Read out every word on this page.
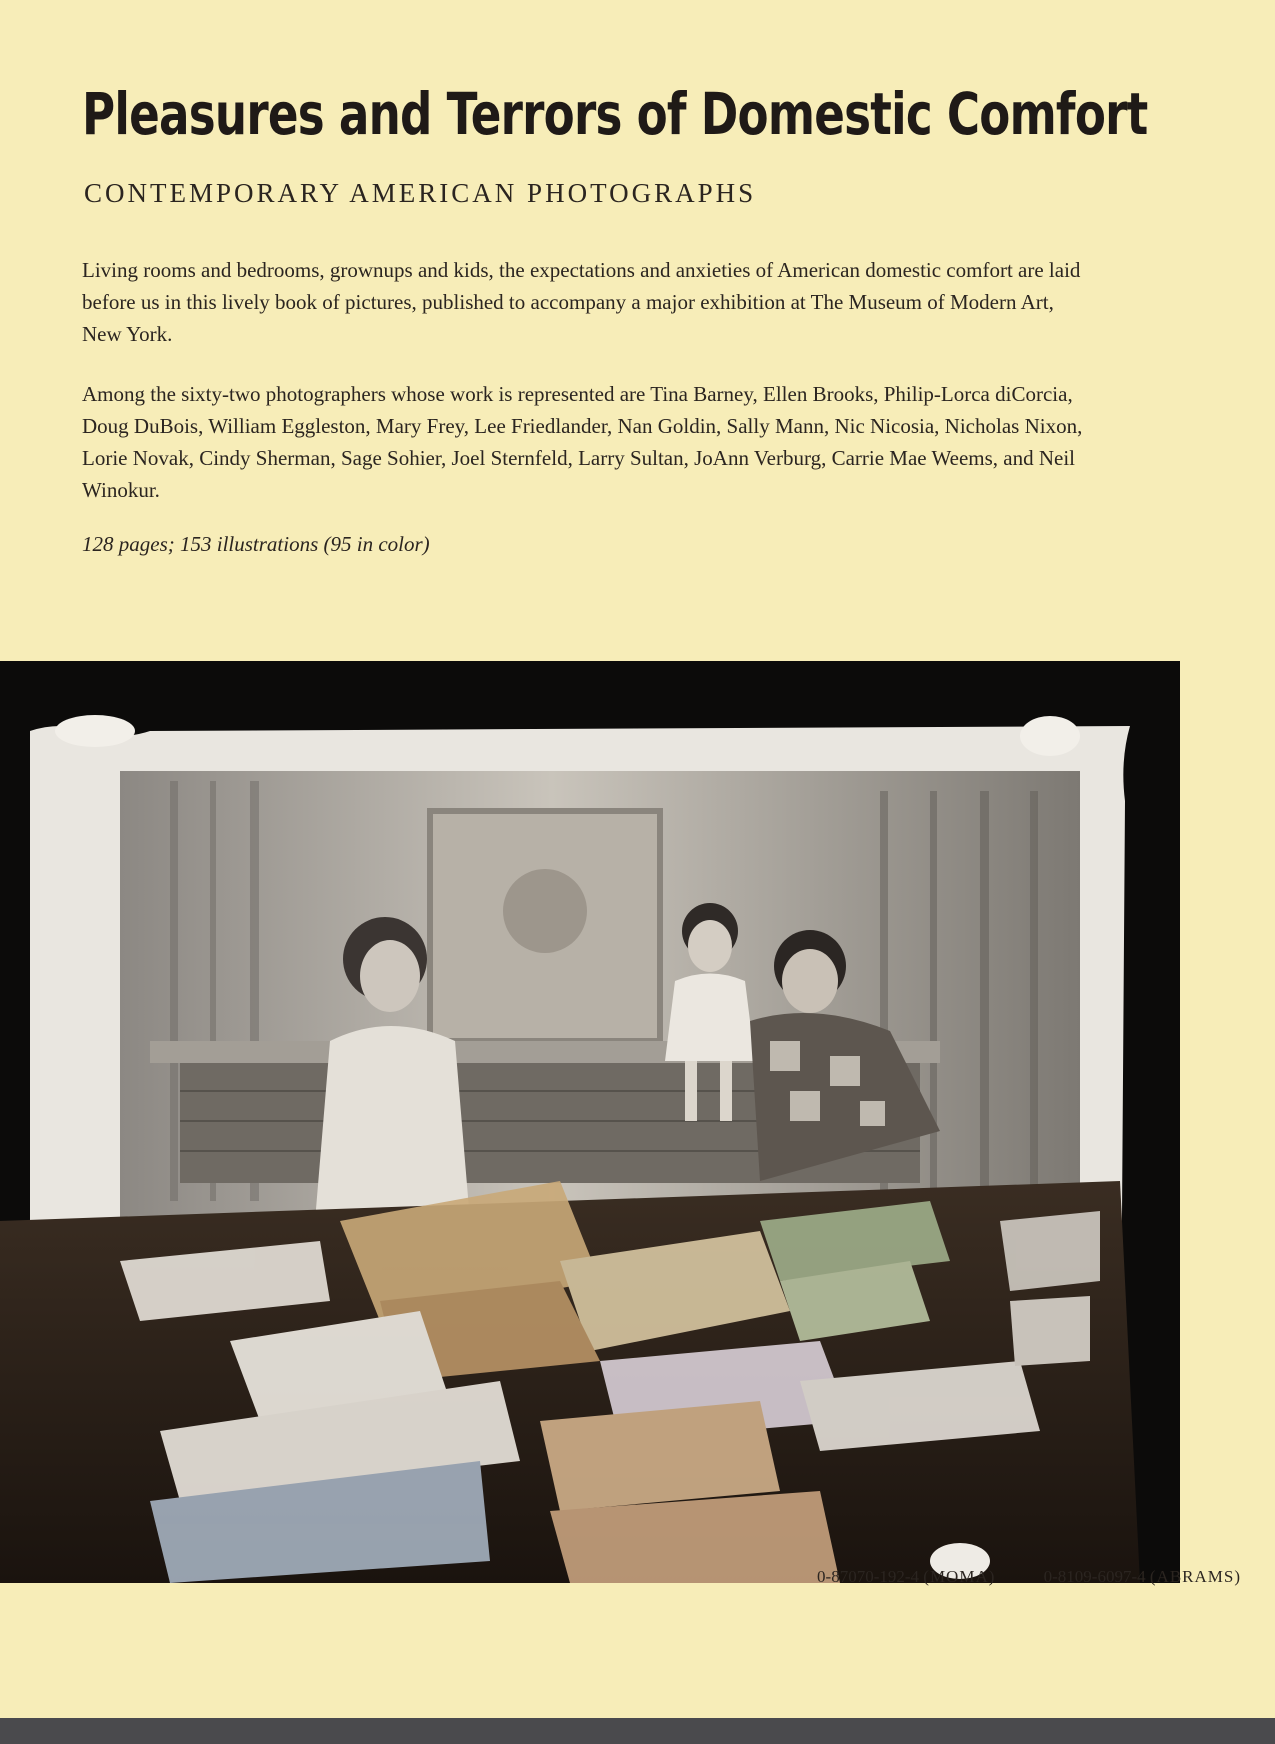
Pleasures and Terrors of Domestic Comfort
CONTEMPORARY AMERICAN PHOTOGRAPHS
Living rooms and bedrooms, grownups and kids, the expectations and anxieties of American domestic comfort are laid before us in this lively book of pictures, published to accompany a major exhibition at The Museum of Modern Art, New York.
Among the sixty-two photographers whose work is represented are Tina Barney, Ellen Brooks, Philip-Lorca diCorcia, Doug DuBois, William Eggleston, Mary Frey, Lee Friedlander, Nan Goldin, Sally Mann, Nic Nicosia, Nicholas Nixon, Lorie Novak, Cindy Sherman, Sage Sohier, Joel Sternfeld, Larry Sultan, JoAnn Verburg, Carrie Mae Weems, and Neil Winokur.
128 pages; 153 illustrations (95 in color)
0-87070-192-4 (MOMA)	0-8109-6097-4 (ABRAMS)
